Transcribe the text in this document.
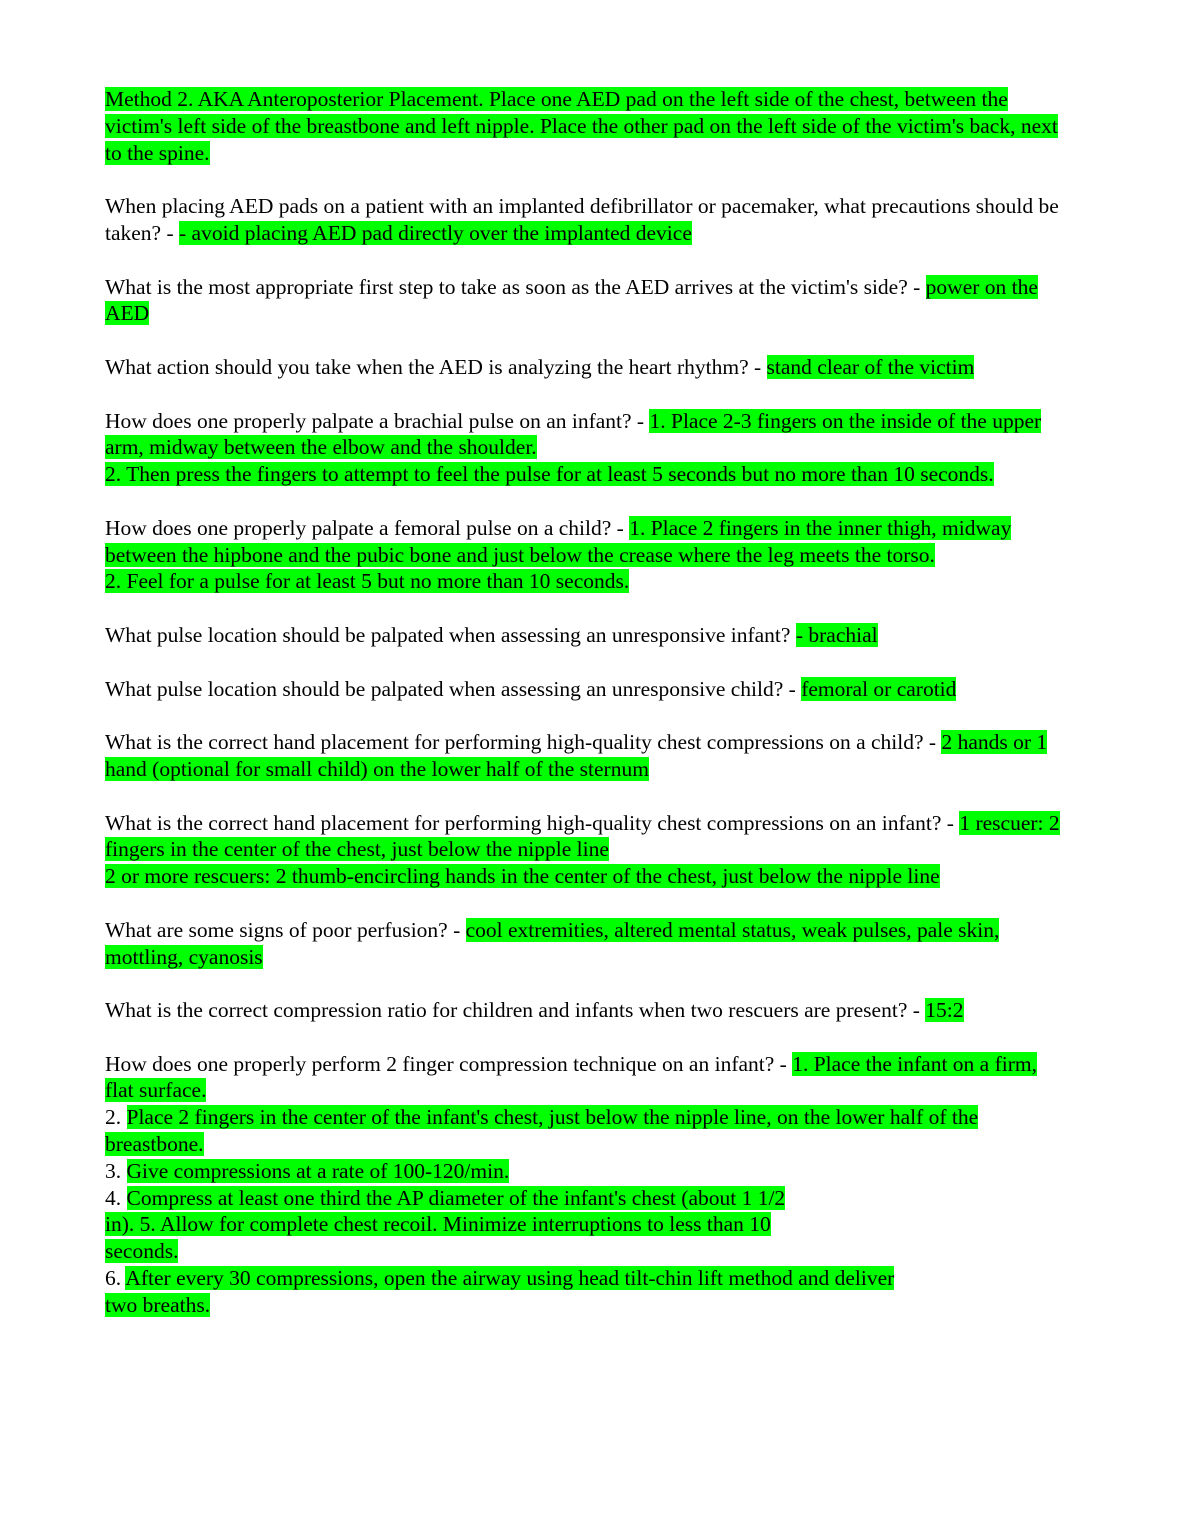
Method 2. AKA Anteroposterior Placement. Place one AED pad on the left side of the chest, between the victim's left side of the breastbone and left nipple. Place the other pad on the left side of the victim's back, next to the spine.

When placing AED pads on a patient with an implanted defibrillator or pacemaker, what precautions should be taken? - - avoid placing AED pad directly over the implanted device

What is the most appropriate first step to take as soon as the AED arrives at the victim's side? - power on the AED

What action should you take when the AED is analyzing the heart rhythm? - stand clear of the victim

How does one properly palpate a brachial pulse on an infant? - 1. Place 2-3 fingers on the inside of the upper arm, midway between the elbow and the shoulder.

2. Then press the fingers to attempt to feel the pulse for at least 5 seconds but no more than 10 seconds.

How does one properly palpate a femoral pulse on a child? - 1. Place 2 fingers in the inner thigh, midway between the hipbone and the pubic bone and just below the crease where the leg meets the torso.

2. Feel for a pulse for at least 5 but no more than 10 seconds.

What pulse location should be palpated when assessing an unresponsive infant? - brachial

What pulse location should be palpated when assessing an unresponsive child? - femoral or carotid

What is the correct hand placement for performing high-quality chest compressions on a child? - 2 hands or 1 hand (optional for small child) on the lower half of the sternum

What is the correct hand placement for performing high-quality chest compressions on an infant? - 1 rescuer: 2 fingers in the center of the chest, just below the nipple line

2 or more rescuers: 2 thumb-encircling hands in the center of the chest, just below the nipple line

What are some signs of poor perfusion? - cool extremities, altered mental status, weak pulses, pale skin, mottling, cyanosis

What is the correct compression ratio for children and infants when two rescuers are present? - 15:2

How does one properly perform 2 finger compression technique on an infant? - 1. Place the infant on a firm, flat surface.

2. Place 2 fingers in the center of the infant's chest, just below the nipple line, on the lower half of the breastbone.

3. Give compressions at a rate of 100-120/min.

4. Compress at least one third the AP diameter of the infant's chest (about 1 1/2

in). 5. Allow for complete chest recoil. Minimize interruptions to less than 10

seconds.

6. After every 30 compressions, open the airway using head tilt-chin lift method and deliver

two breaths.
